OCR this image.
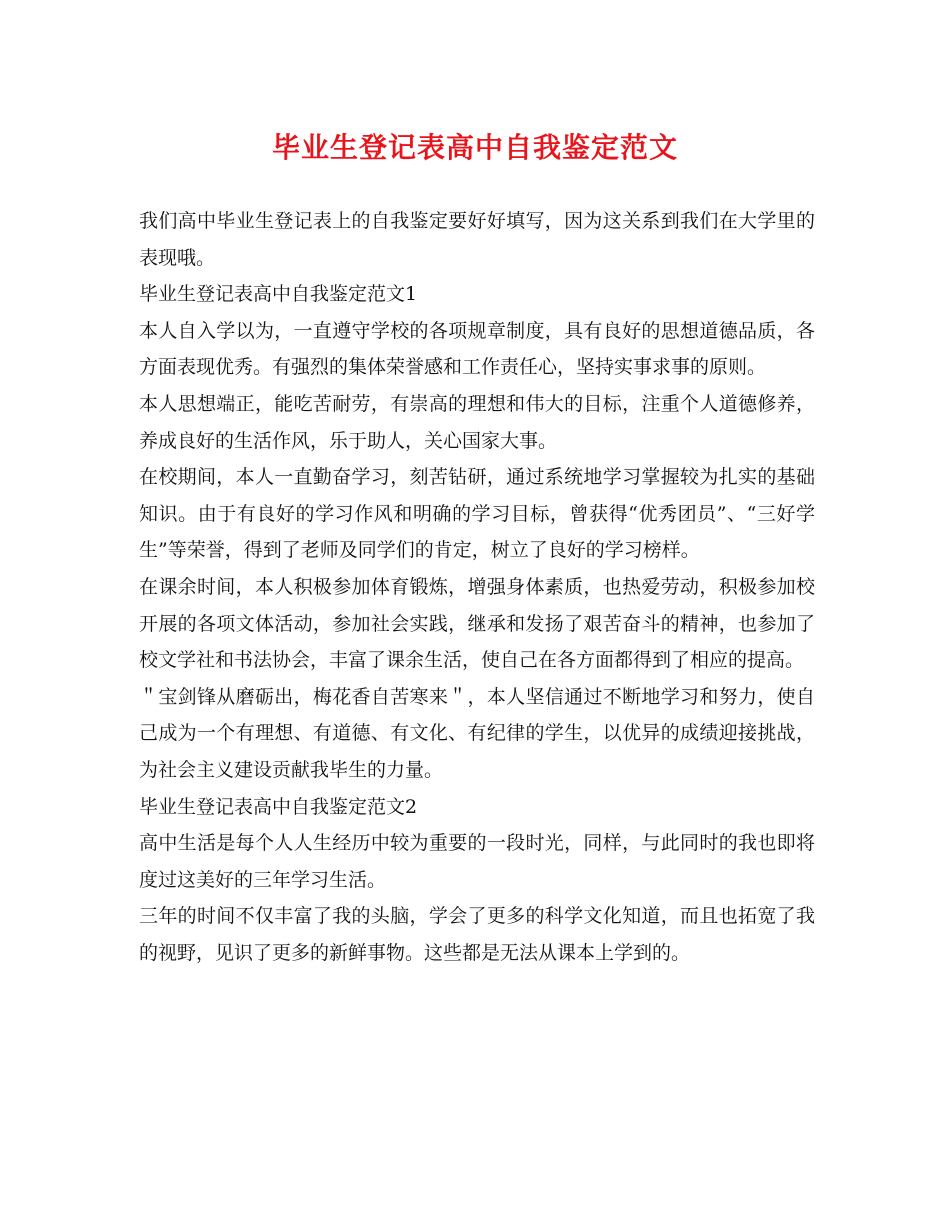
毕业生登记表高中自我鉴定范文

我们高中毕业生登记表上的自我鉴定要好好填写，因为这关系到我们在大学里的表现哦。

毕业生登记表高中自我鉴定范文1

本人自入学以为，一直遵守学校的各项规章制度，具有良好的思想道德品质，各方面表现优秀。有强烈的集体荣誉感和工作责任心，坚持实事求事的原则。

本人思想端正，能吃苦耐劳，有崇高的理想和伟大的目标，注重个人道德修养，养成良好的生活作风，乐于助人，关心国家大事。

在校期间，本人一直勤奋学习，刻苦钻研，通过系统地学习掌握较为扎实的基础知识。由于有良好的学习作风和明确的学习目标，曾获得“优秀团员”、“三好学生”等荣誉，得到了老师及同学们的肯定，树立了良好的学习榜样。

在课余时间，本人积极参加体育锻炼，增强身体素质，也热爱劳动，积极参加校开展的各项文体活动，参加社会实践，继承和发扬了艰苦奋斗的精神，也参加了校文学社和书法协会，丰富了课余生活，使自己在各方面都得到了相应的提高。

＂宝剑锋从磨砺出，梅花香自苦寒来＂，本人坚信通过不断地学习和努力，使自己成为一个有理想、有道德、有文化、有纪律的学生，以优异的成绩迎接挑战，为社会主义建设贡献我毕生的力量。

毕业生登记表高中自我鉴定范文2

高中生活是每个人人生经历中较为重要的一段时光，同样，与此同时的我也即将度过这美好的三年学习生活。

三年的时间不仅丰富了我的头脑，学会了更多的科学文化知道，而且也拓宽了我的视野，见识了更多的新鲜事物。这些都是无法从课本上学到的。
